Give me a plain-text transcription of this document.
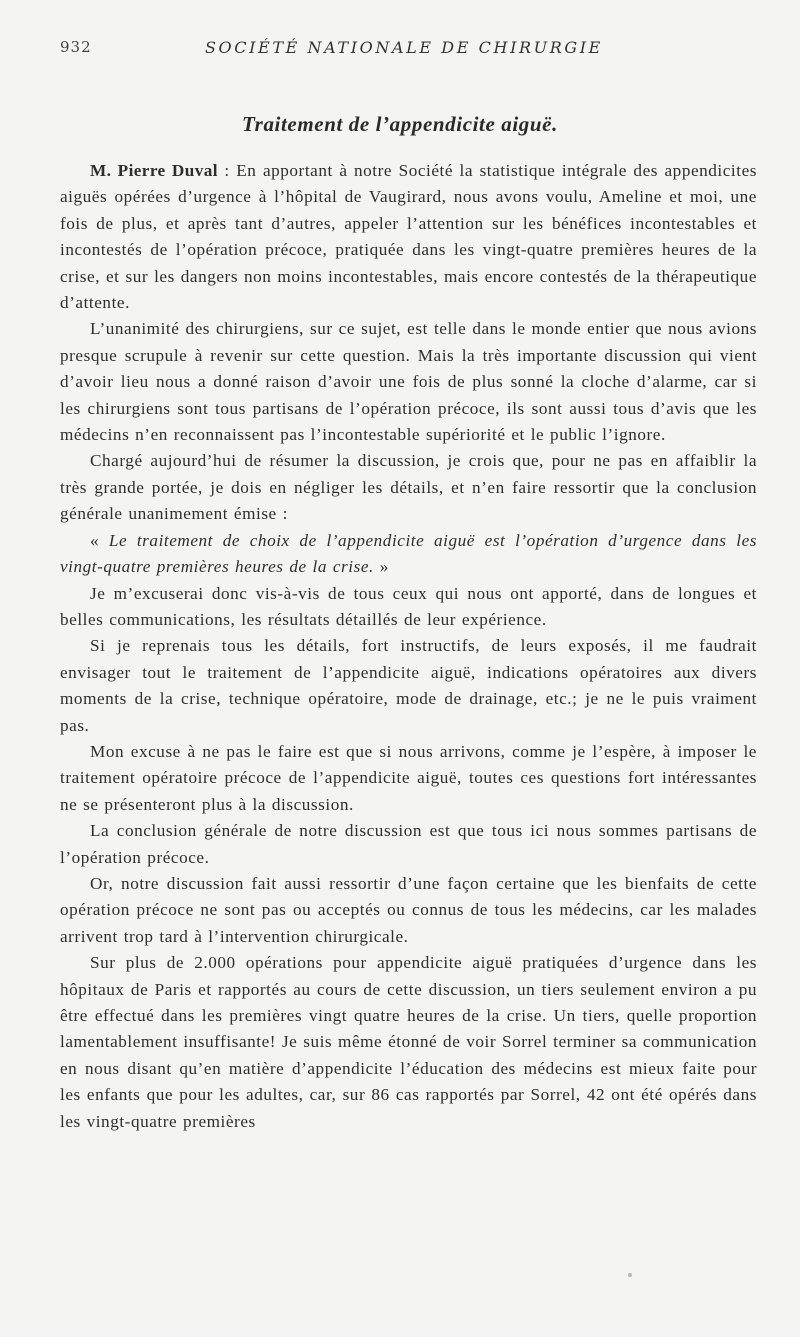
932	SOCIÉTÉ NATIONALE DE CHIRURGIE
Traitement de l’appendicite aiguë.

M. Pierre Duval : En apportant à notre Société la statistique intégrale des appendicites aiguës opérées d’urgence à l’hôpital de Vaugirard, nous avons voulu, Ameline et moi, une fois de plus, et après tant d’autres, appeler l’attention sur les bénéfices incontestables et incontestés de l’opération précoce, pratiquée dans les vingt-quatre premières heures de la crise, et sur les dangers non moins incontestables, mais encore contestés de la thérapeutique d’attente.

L’unanimité des chirurgiens, sur ce sujet, est telle dans le monde entier que nous avions presque scrupule à revenir sur cette question. Mais la très importante discussion qui vient d’avoir lieu nous a donné raison d’avoir une fois de plus sonné la cloche d’alarme, car si les chirurgiens sont tous partisans de l’opération précoce, ils sont aussi tous d’avis que les médecins n’en reconnaissent pas l’incontestable supériorité et le public l’ignore.

Chargé aujourd’hui de résumer la discussion, je crois que, pour ne pas en affaiblir la très grande portée, je dois en négliger les détails, et n’en faire ressortir que la conclusion générale unanimement émise :

« Le traitement de choix de l’appendicite aiguë est l’opération d’urgence dans les vingt-quatre premières heures de la crise. »

Je m’excuserai donc vis-à-vis de tous ceux qui nous ont apporté, dans de longues et belles communications, les résultats détaillés de leur expérience.

Si je reprenais tous les détails, fort instructifs, de leurs exposés, il me faudrait envisager tout le traitement de l’appendicite aiguë, indications opératoires aux divers moments de la crise, technique opératoire, mode de drainage, etc.; je ne le puis vraiment pas.

Mon excuse à ne pas le faire est que si nous arrivons, comme je l’espère, à imposer le traitement opératoire précoce de l’appendicite aiguë, toutes ces questions fort intéressantes ne se présenteront plus à la discussion.

La conclusion générale de notre discussion est que tous ici nous sommes partisans de l’opération précoce.

Or, notre discussion fait aussi ressortir d’une façon certaine que les bienfaits de cette opération précoce ne sont pas ou acceptés ou connus de tous les médecins, car les malades arrivent trop tard à l’intervention chirurgicale.

Sur plus de 2.000 opérations pour appendicite aiguë pratiquées d’urgence dans les hôpitaux de Paris et rapportés au cours de cette discussion, un tiers seulement environ a pu être effectué dans les premières vingt quatre heures de la crise. Un tiers, quelle proportion lamentablement insuffisante! Je suis même étonné de voir Sorrel terminer sa communication en nous disant qu’en matière d’appendicite l’éducation des médecins est mieux faite pour les enfants que pour les adultes, car, sur 86 cas rapportés par Sorrel, 42 ont été opérés dans les vingt-quatre premières
